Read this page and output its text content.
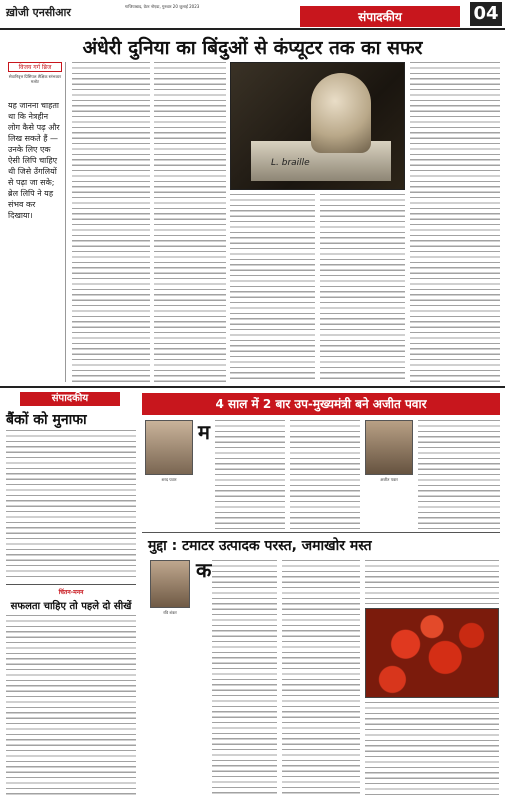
ख़ोजी एनसीआर	गाजियाबाद, ग्रेटर नोएडा, गुरुवार 20 जुलाई 2023
संपादकीय	04
अंधेरी दुनिया का बिंदुओं से कंप्यूटर तक का सफर
विजय गर्ग ब्रिज
सेवानिवृत्त प्रिंसिपल शैक्षिक स्तंभकार मलोट
यह जानना चाहता था कि नेत्रहीन लोग कैसे पढ़ और लिख सकते हैं — उनके लिए एक ऐसी लिपि चाहिए थी जिसे उँगलियों से पढ़ा जा सके; ब्रेल लिपि ने यह संभव कर दिखाया।
L. braille
संपादकीय
बैंकों को मुनाफा
4 साल में 2 बार उप-मुख्यमंत्री बने अजीत पवार
शरद पवार
म
अजीत पवार
चिंतन-मनन
सफलता चाहिए तो पहले दो सीखें
मुद्दा : टमाटर उत्पादक परस्त, जमाखोर मस्त
रवि शंकर
क
